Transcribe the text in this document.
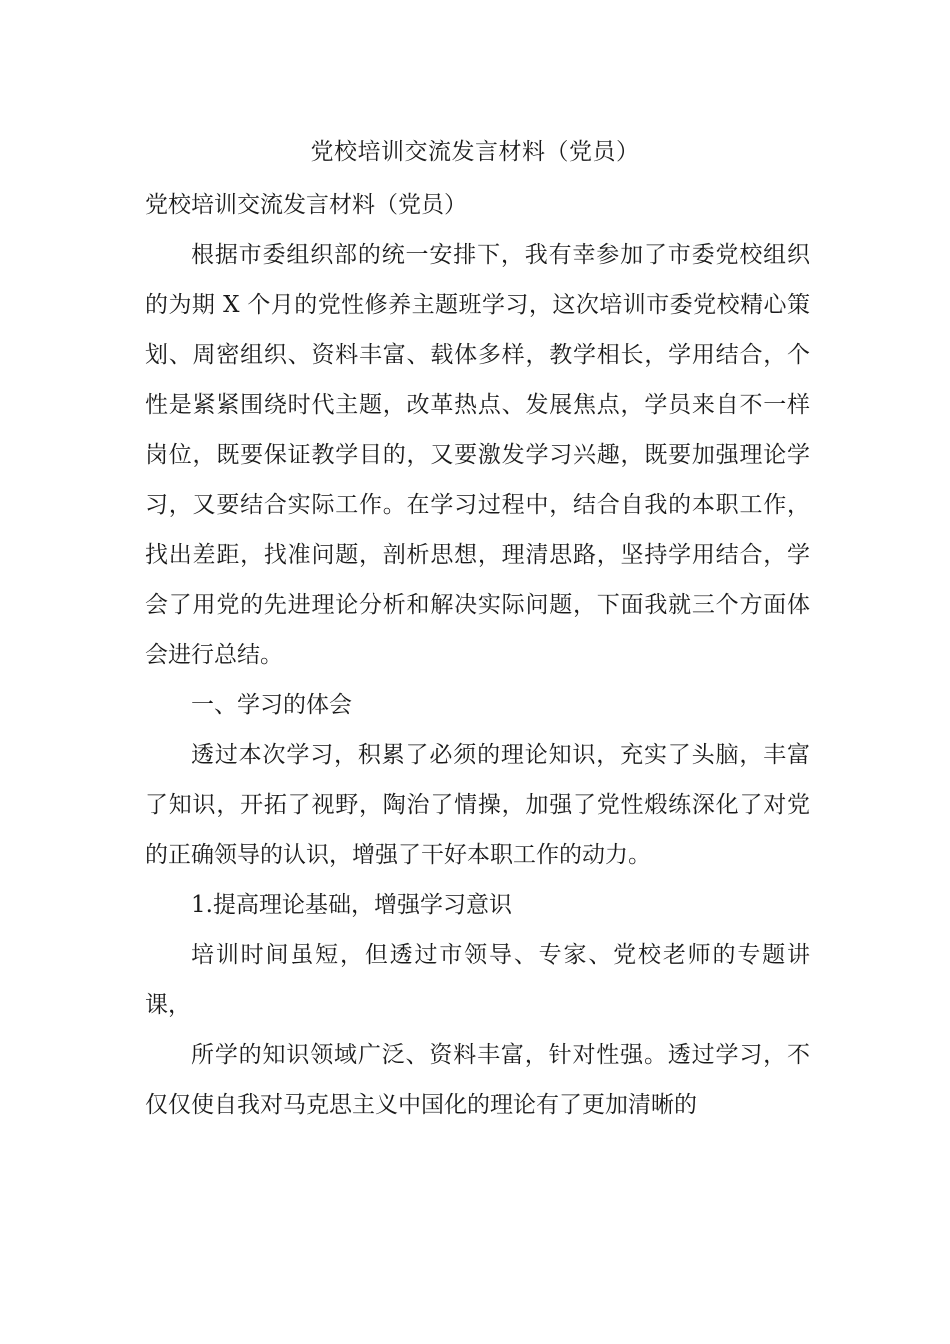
党校培训交流发言材料（党员）

党校培训交流发言材料（党员）

根据市委组织部的统一安排下，我有幸参加了市委党校组织的为期 X 个月的党性修养主题班学习，这次培训市委党校精心策划、周密组织、资料丰富、载体多样，教学相长，学用结合，个性是紧紧围绕时代主题，改革热点、发展焦点，学员来自不一样岗位，既要保证教学目的，又要激发学习兴趣，既要加强理论学习，又要结合实际工作。在学习过程中，结合自我的本职工作，找出差距，找准问题，剖析思想，理清思路，坚持学用结合，学会了用党的先进理论分析和解决实际问题，下面我就三个方面体会进行总结。

一、学习的体会

透过本次学习，积累了必须的理论知识，充实了头脑，丰富了知识，开拓了视野，陶治了情操，加强了党性煅练深化了对党的正确领导的认识，增强了干好本职工作的动力。

1.提高理论基础，增强学习意识

培训时间虽短，但透过市领导、专家、党校老师的专题讲课，

所学的知识领域广泛、资料丰富，针对性强。透过学习，不仅仅使自我对马克思主义中国化的理论有了更加清晰的
